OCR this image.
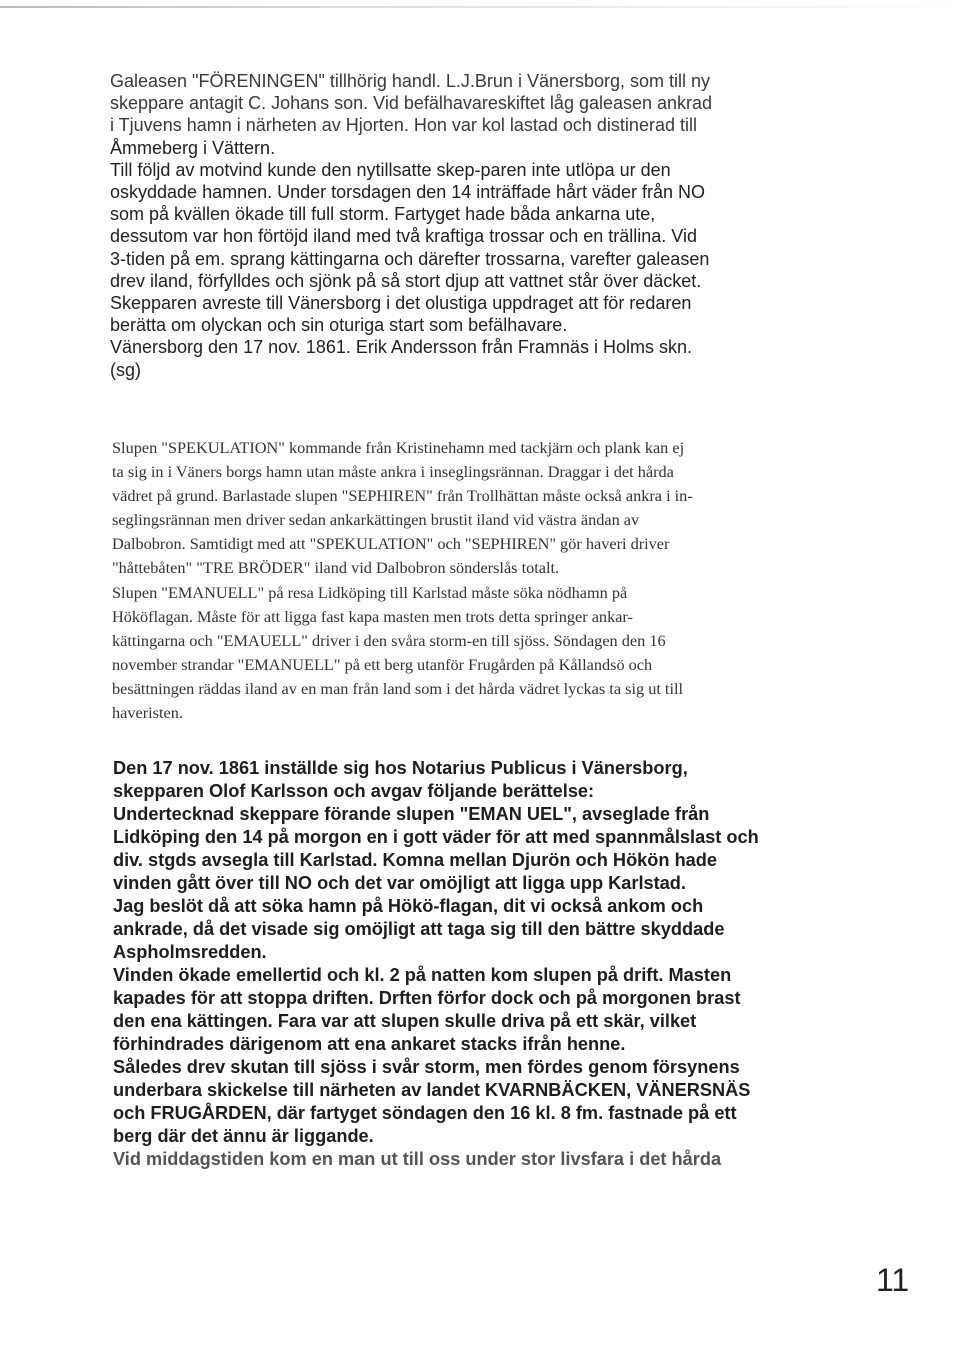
Galeasen "FÖRENINGEN" tillhörig handl. L.J.Brun i Vänersborg, som till ny
skeppare antagit C. Johans son. Vid befälhavareskiftet låg galeasen ankrad
i Tjuvens hamn i närheten av Hjorten. Hon var kol lastad och distinerad till
Åmmeberg i Vättern.
Till följd av motvind kunde den nytillsatte skep-paren inte utlöpa ur den
oskyddade hamnen. Under torsdagen den 14 inträffade hårt väder från NO
som på kvällen ökade till full storm. Fartyget hade båda ankarna ute,
dessutom var hon förtöjd iland med två kraftiga trossar och en trällina. Vid
3-tiden på em. sprang kättingarna och därefter trossarna, varefter galeasen
drev iland, förfylldes och sjönk på så stort djup att vattnet står över däcket.
Skepparen avreste till Vänersborg i det olustiga uppdraget att för redaren
berätta om olyckan och sin oturiga start som befälhavare.
Vänersborg den 17 nov. 1861. Erik Andersson från Framnäs i Holms skn.
(sg)
Slupen "SPEKULATION" kommande från Kristinehamn med tackjärn och plank kan ej
ta sig in i Väners borgs hamn utan måste ankra i inseglingsrännan. Draggar i det hårda
vädret på grund. Barlastade slupen "SEPHIREN" från Trollhättan måste också ankra i in-
seglingsrännan men driver sedan ankarkättingen brustit iland vid västra ändan av
Dalbobron. Samtidigt med att "SPEKULATION" och "SEPHIREN" gör haveri driver
"håttebåten" "TRE BRÖDER" iland vid Dalbobron sönderslås totalt.
Slupen "EMANUELL" på resa Lidköping till Karlstad måste söka nödhamn på
Hököflagan. Måste för att ligga fast kapa masten men trots detta springer ankar-
kättingarna och "EMAUELL" driver i den svåra storm-en till sjöss. Söndagen den 16
november strandar "EMANUELL" på ett berg utanför Frugården på Kållandsö och
besättningen räddas iland av en man från land som i det hårda vädret lyckas ta sig ut till
haveristen.
Den 17 nov. 1861 inställde sig hos Notarius Publicus i Vänersborg,
skepparen Olof Karlsson och avgav följande berättelse:
Undertecknad skeppare förande slupen "EMAN UEL", avseglade från
Lidköping den 14 på morgon en i gott väder för att med spannmålslast och
div. stgds avsegla till Karlstad. Komna mellan Djurön och Hökön hade
vinden gått över till NO och det var omöjligt att ligga upp Karlstad.
Jag beslöt då att söka hamn på Hökö-flagan, dit vi också ankom och
ankrade, då det visade sig omöjligt att taga sig till den bättre skyddade
Aspholmsredden.
Vinden ökade emellertid och kl. 2 på natten kom slupen på drift. Masten
kapades för att stoppa driften. Drften förfor dock och på morgonen brast
den ena kättingen. Fara var att slupen skulle driva på ett skär, vilket
förhindrades därigenom att ena ankaret stacks ifrån henne.
Således drev skutan till sjöss i svår storm, men fördes genom försynens
underbara skickelse till närheten av landet KVARNBÄCKEN, VÄNERSNÄS
och FRUGÅRDEN, där fartyget söndagen den 16 kl. 8 fm. fastnade på ett
berg där det ännu är liggande.
Vid middagstiden kom en man ut till oss under stor livsfara i det hårda

11
